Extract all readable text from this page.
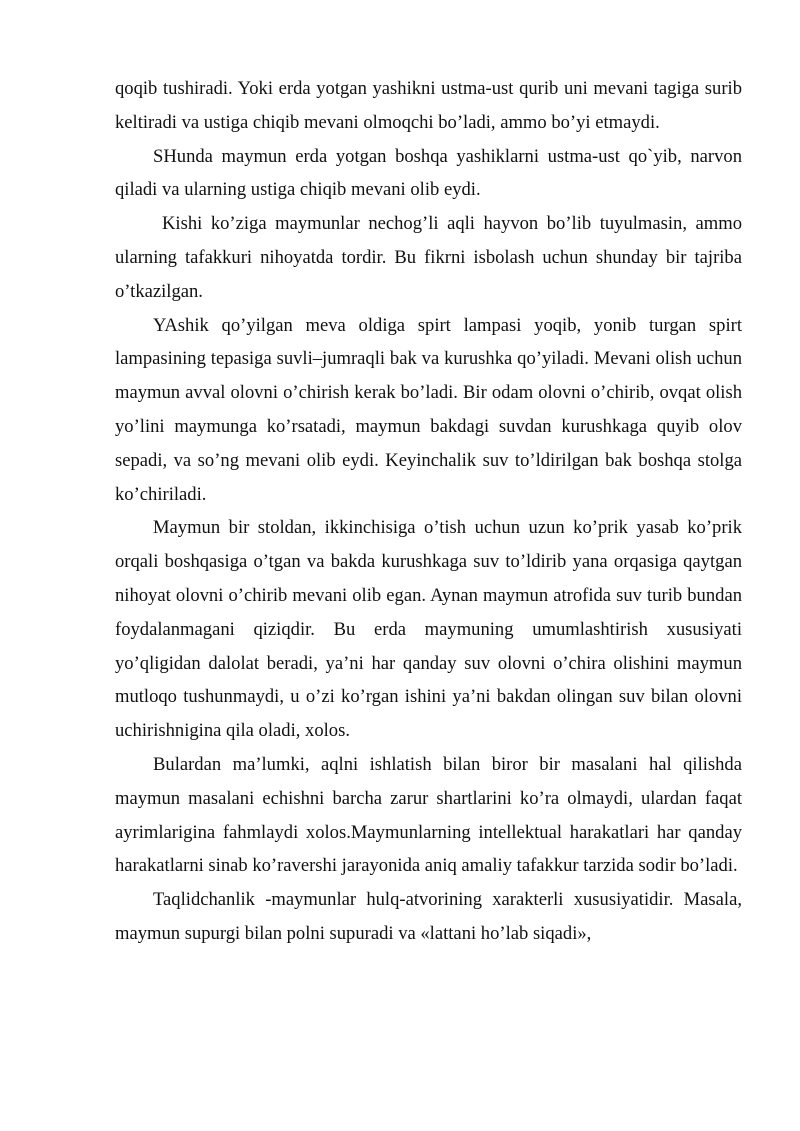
qoqib tushiradi. Yoki erda yotgan yashikni ustma-ust qurib uni mevani tagiga surib keltiradi va ustiga chiqib mevani olmoqchi bo’ladi, ammo bo’yi etmaydi.

SHunda maymun erda yotgan boshqa yashiklarni ustma-ust qo`yib, narvon qiladi va ularning ustiga chiqib mevani olib eydi.

Kishi ko’ziga maymunlar nechog’li aqli hayvon bo’lib tuyulmasin, ammo ularning tafakkuri nihoyatda tordir. Bu fikrni isbolash uchun shunday bir tajriba o’tkazilgan.

YAshik qo’yilgan meva oldiga spirt lampasi yoqib, yonib turgan spirt lampasining tepasiga suvli–jumraqli bak va kurushka qo’yiladi. Mevani olish uchun maymun avval olovni o’chirish kerak bo’ladi. Bir odam olovni o’chirib, ovqat olish yo’lini maymunga ko’rsatadi, maymun bakdagi suvdan kurushkaga quyib olov sepadi, va so’ng mevani olib eydi. Keyinchalik suv to’ldirilgan bak boshqa stolga ko’chiriladi.

Maymun bir stoldan, ikkinchisiga o’tish uchun uzun ko’prik yasab ko’prik orqali boshqasiga o’tgan va bakda kurushkaga suv to’ldirib yana orqasiga qaytgan nihoyat olovni o’chirib mevani olib egan. Aynan maymun atrofida suv turib bundan foydalanmagani qiziqdir. Bu erda maymuning umumlashtirish xususiyati yo’qligidan dalolat beradi, ya’ni har qanday suv olovni o’chira olishini maymun mutloqo tushunmaydi, u o’zi ko’rgan ishini ya’ni bakdan olingan suv bilan olovni uchirishnigina qila oladi, xolos.

Bulardan ma’lumki, aqlni ishlatish bilan biror bir masalani hal qilishda maymun masalani echishni barcha zarur shartlarini ko’ra olmaydi, ulardan faqat ayrimlarigina fahmlaydi xolos.Maymunlarning intellektual harakatlari har qanday harakatlarni sinab ko’ravershi jarayonida aniq amaliy tafakkur tarzida sodir bo’ladi.

Taqlidchanlik -maymunlar hulq-atvorining xarakterli xususiyatidir. Masala, maymun supurgi bilan polni supuradi va «lattani ho’lab siqadi»,
